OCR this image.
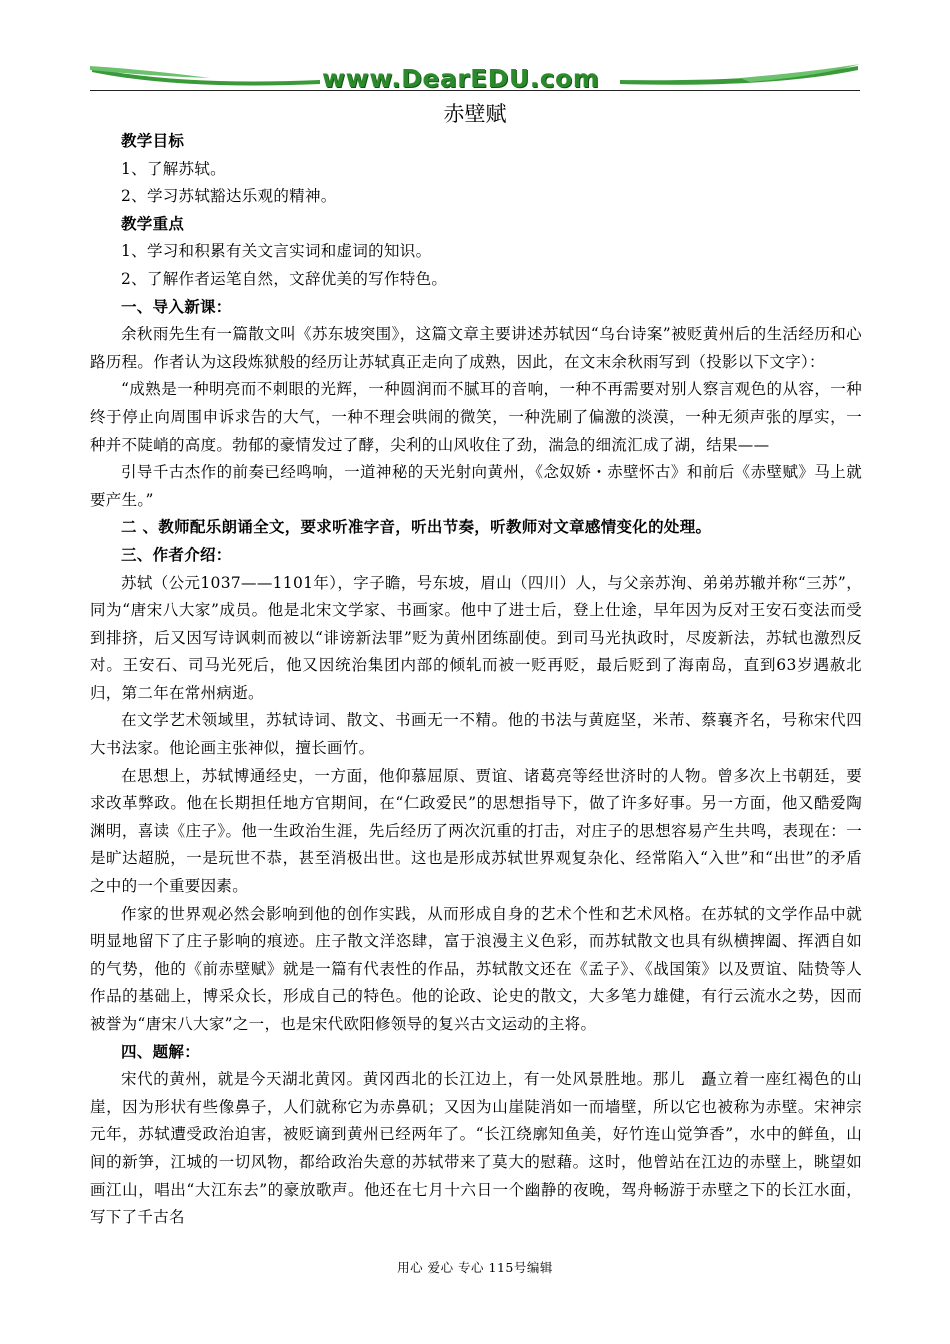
www.DearEDU.com
赤壁赋

教学目标

1、了解苏轼。

2、学习苏轼豁达乐观的精神。

教学重点

1、学习和积累有关文言实词和虚词的知识。

2、了解作者运笔自然，文辞优美的写作特色。

一、导入新课：

余秋雨先生有一篇散文叫《苏东坡突围》，这篇文章主要讲述苏轼因“乌台诗案”被贬黄州后的生活经历和心路历程。作者认为这段炼狱般的经历让苏轼真正走向了成熟，因此，在文末余秋雨写到（投影以下文字）：

“成熟是一种明亮而不刺眼的光辉，一种圆润而不腻耳的音响，一种不再需要对别人察言观色的从容，一种终于停止向周围申诉求告的大气，一种不理会哄闹的微笑，一种洗刷了偏激的淡漠，一种无须声张的厚实，一种并不陡峭的高度。勃郁的豪情发过了酵，尖利的山风收住了劲，湍急的细流汇成了湖，结果——

引导千古杰作的前奏已经鸣响，一道神秘的天光射向黄州，《念奴娇・赤壁怀古》和前后《赤壁赋》马上就要产生。”

二 、教师配乐朗诵全文，要求听准字音，听出节奏，听教师对文章感情变化的处理。

三、作者介绍：

苏轼（公元1037——1101年），字子瞻，号东坡，眉山（四川）人，与父亲苏洵、弟弟苏辙并称“三苏”，同为“唐宋八大家”成员。他是北宋文学家、书画家。他中了进士后，登上仕途，早年因为反对王安石变法而受到排挤，后又因写诗讽刺而被以“诽谤新法罪”贬为黄州团练副使。到司马光执政时，尽废新法，苏轼也激烈反对。王安石、司马光死后，他又因统治集团内部的倾轧而被一贬再贬，最后贬到了海南岛，直到63岁遇赦北归，第二年在常州病逝。

在文学艺术领域里，苏轼诗词、散文、书画无一不精。他的书法与黄庭坚，米芾、蔡襄齐名，号称宋代四大书法家。他论画主张神似，擅长画竹。

在思想上，苏轼博通经史，一方面，他仰慕屈原、贾谊、诸葛亮等经世济时的人物。曾多次上书朝廷，要求改革弊政。他在长期担任地方官期间，在“仁政爱民”的思想指导下，做了许多好事。另一方面，他又酷爱陶渊明，喜读《庄子》。他一生政治生涯，先后经历了两次沉重的打击，对庄子的思想容易产生共鸣，表现在：一是旷达超脱，一是玩世不恭，甚至消极出世。这也是形成苏轼世界观复杂化、经常陷入“入世”和“出世”的矛盾之中的一个重要因素。

作家的世界观必然会影响到他的创作实践，从而形成自身的艺术个性和艺术风格。在苏轼的文学作品中就明显地留下了庄子影响的痕迹。庄子散文洋恣肆，富于浪漫主义色彩，而苏轼散文也具有纵横捭阖、挥洒自如的气势，他的《前赤壁赋》就是一篇有代表性的作品，苏轼散文还在《孟子》、《战国策》以及贾谊、陆贽等人作品的基础上，博采众长，形成自己的特色。他的论政、论史的散文，大多笔力雄健，有行云流水之势，因而被誉为“唐宋八大家”之一，也是宋代欧阳修领导的复兴古文运动的主将。

四、题解：

宋代的黄州，就是今天湖北黄冈。黄冈西北的长江边上，有一处风景胜地。那儿　矗立着一座红褐色的山崖，因为形状有些像鼻子，人们就称它为赤鼻矶；又因为山崖陡消如一而墙壁，所以它也被称为赤壁。宋神宗元年，苏轼遭受政治迫害，被贬谪到黄州已经两年了。“长江绕廓知鱼美，好竹连山觉笋香”，水中的鲜鱼，山间的新笋，江城的一切风物，都给政治失意的苏轼带来了莫大的慰藉。这时，他曾站在江边的赤壁上，眺望如画江山，唱出“大江东去”的豪放歌声。他还在七月十六日一个幽静的夜晚，驾舟畅游于赤壁之下的长江水面，写下了千古名

用心 爱心 专心 115号编辑
